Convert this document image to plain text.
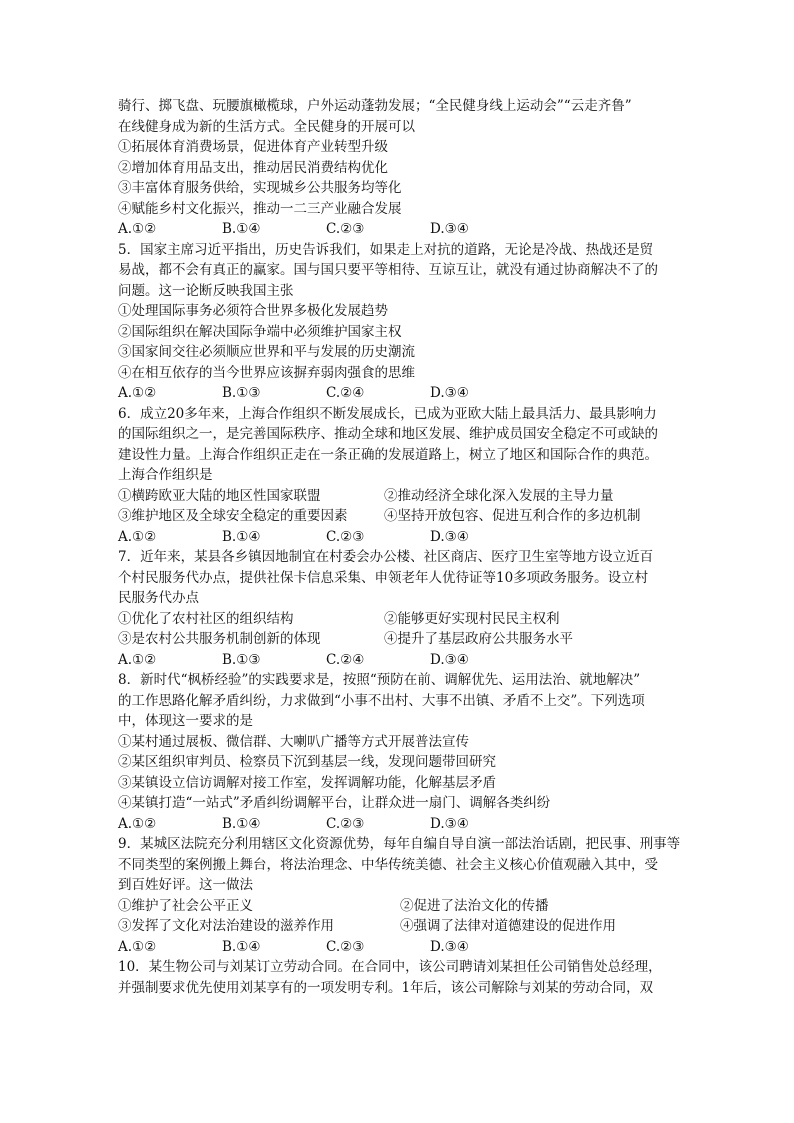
骑行、掷飞盘、玩腰旗橄榄球，户外运动蓬勃发展；“全民健身线上运动会”“云走齐鲁”
在线健身成为新的生活方式。全民健身的开展可以
①拓展体育消费场景，促进体育产业转型升级
②增加体育用品支出，推动居民消费结构优化
③丰富体育服务供给，实现城乡公共服务均等化
④赋能乡村文化振兴，推动一二三产业融合发展
A.①②	B.①④	C.②③	D.③④
5．国家主席习近平指出，历史告诉我们，如果走上对抗的道路，无论是冷战、热战还是贸
易战，都不会有真正的赢家。国与国只要平等相待、互谅互让，就没有通过协商解决不了的
问题。这一论断反映我国主张
①处理国际事务必须符合世界多极化发展趋势
②国际组织在解决国际争端中必须维护国家主权
③国家间交往必须顺应世界和平与发展的历史潮流
④在相互依存的当今世界应该摒弃弱肉强食的思维
A.①②	B.①③	C.②④	D.③④
6．成立20多年来，上海合作组织不断发展成长，已成为亚欧大陆上最具活力、最具影响力
的国际组织之一，是完善国际秩序、推动全球和地区发展、维护成员国安全稳定不可或缺的
建设性力量。上海合作组织正走在一条正确的发展道路上，树立了地区和国际合作的典范。
上海合作组织是
①横跨欧亚大陆的地区性国家联盟	②推动经济全球化深入发展的主导力量
③维护地区及全球安全稳定的重要因素	④坚持开放包容、促进互利合作的多边机制
A.①②	B.①④	C.②③	D.③④
7．近年来，某县各乡镇因地制宜在村委会办公楼、社区商店、医疗卫生室等地方设立近百
个村民服务代办点，提供社保卡信息采集、申领老年人优待证等10多项政务服务。设立村
民服务代办点
①优化了农村社区的组织结构	②能够更好实现村民民主权利
③是农村公共服务机制创新的体现	④提升了基层政府公共服务水平
A.①②	B.①③	C.②④	D.③④
8．新时代“枫桥经验”的实践要求是，按照“预防在前、调解优先、运用法治、就地解决”
的工作思路化解矛盾纠纷，力求做到“小事不出村、大事不出镇、矛盾不上交”。下列选项
中，体现这一要求的是
①某村通过展板、微信群、大喇叭广播等方式开展普法宣传
②某区组织审判员、检察员下沉到基层一线，发现问题带回研究
③某镇设立信访调解对接工作室，发挥调解功能，化解基层矛盾
④某镇打造“一站式”矛盾纠纷调解平台，让群众进一扇门、调解各类纠纷
A.①②	B.①④	C.②③	D.③④
9．某城区法院充分利用辖区文化资源优势，每年自编自导自演一部法治话剧，把民事、刑事等
不同类型的案例搬上舞台，将法治理念、中华传统美德、社会主义核心价值观融入其中，受
到百姓好评。这一做法
①维护了社会公平正义	②促进了法治文化的传播
③发挥了文化对法治建设的滋养作用	④强调了法律对道德建设的促进作用
A.①②	B.①④	C.②③	D.③④
10．某生物公司与刘某订立劳动合同。在合同中，该公司聘请刘某担任公司销售处总经理，
并强制要求优先使用刘某享有的一项发明专利。1年后，该公司解除与刘某的劳动合同，双
